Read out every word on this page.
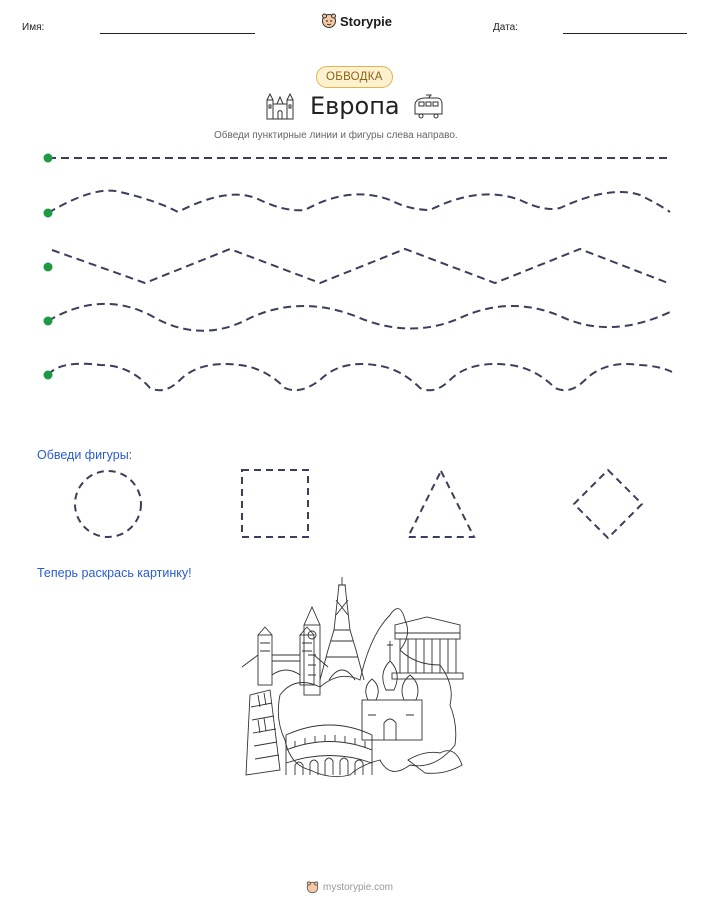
Имя:	Storypie	Дата:
ОБВОДКА
Европа
Обведи пунктирные линии и фигуры слева направо.
Обведи фигуры:
Теперь раскрась картинку!
mystorypie.com
